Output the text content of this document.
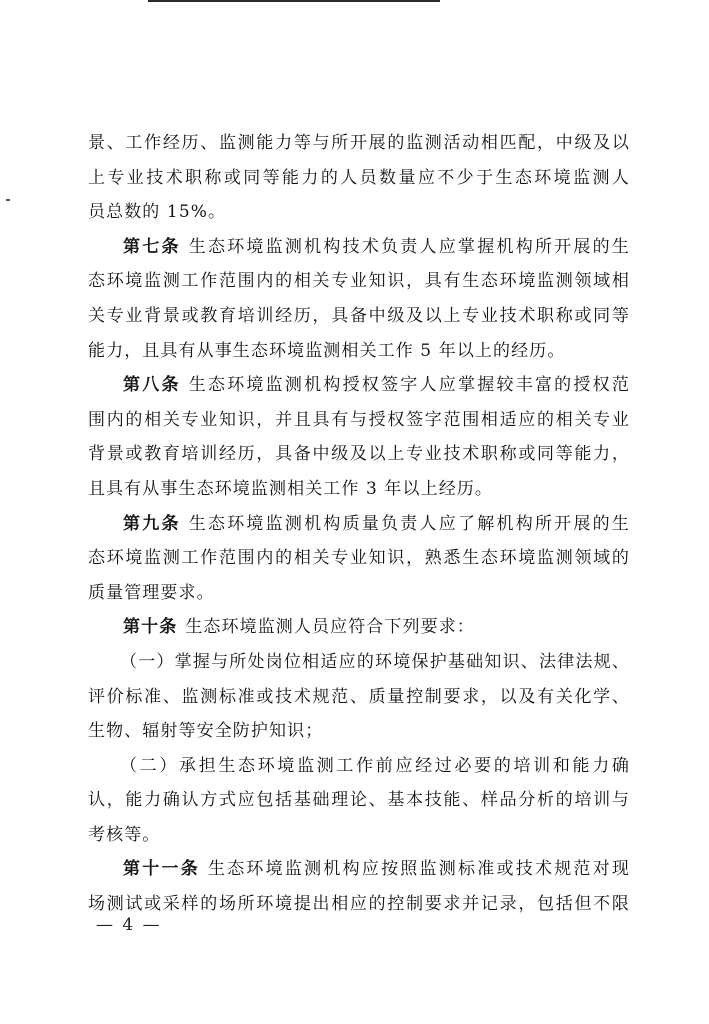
景、工作经历、监测能力等与所开展的监测活动相匹配，中级及以
上专业技术职称或同等能力的人员数量应不少于生态环境监测人
员总数的 15%。
第七条 生态环境监测机构技术负责人应掌握机构所开展的生
态环境监测工作范围内的相关专业知识，具有生态环境监测领域相
关专业背景或教育培训经历，具备中级及以上专业技术职称或同等
能力，且具有从事生态环境监测相关工作 5 年以上的经历。
第八条 生态环境监测机构授权签字人应掌握较丰富的授权范
围内的相关专业知识，并且具有与授权签字范围相适应的相关专业
背景或教育培训经历，具备中级及以上专业技术职称或同等能力，
且具有从事生态环境监测相关工作 3 年以上经历。
第九条 生态环境监测机构质量负责人应了解机构所开展的生
态环境监测工作范围内的相关专业知识，熟悉生态环境监测领域的
质量管理要求。
第十条 生态环境监测人员应符合下列要求：
（一）掌握与所处岗位相适应的环境保护基础知识、法律法规、
评价标准、监测标准或技术规范、质量控制要求，以及有关化学、
生物、辐射等安全防护知识；
（二）承担生态环境监测工作前应经过必要的培训和能力确
认，能力确认方式应包括基础理论、基本技能、样品分析的培训与
考核等。
第十一条 生态环境监测机构应按照监测标准或技术规范对现
场测试或采样的场所环境提出相应的控制要求并记录，包括但不限
— 4 —
